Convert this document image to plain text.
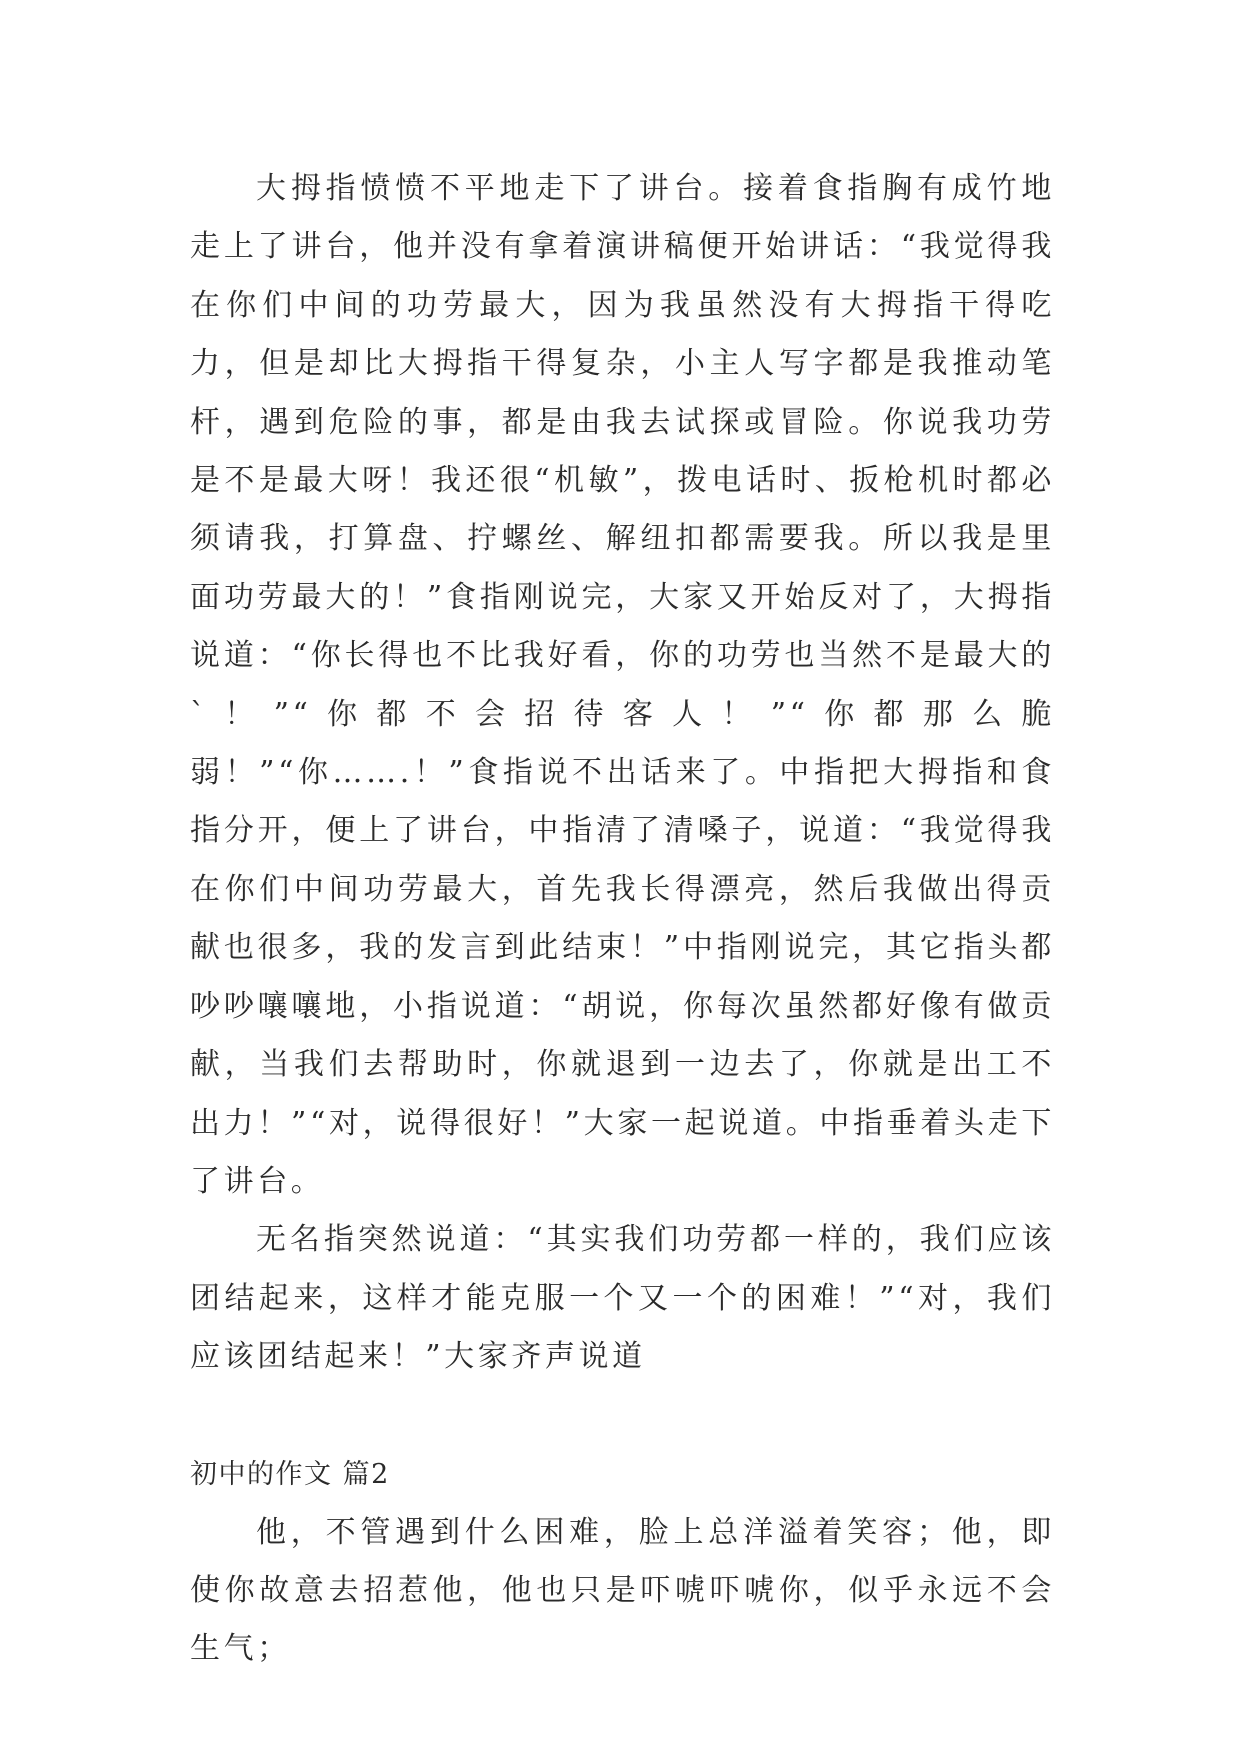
大拇指愤愤不平地走下了讲台。接着食指胸有成竹地走上了讲台，他并没有拿着演讲稿便开始讲话：“我觉得我在你们中间的功劳最大，因为我虽然没有大拇指干得吃力，但是却比大拇指干得复杂，小主人写字都是我推动笔杆，遇到危险的事，都是由我去试探或冒险。你说我功劳是不是最大呀！我还很“机敏”，拨电话时、扳枪机时都必须请我，打算盘、拧螺丝、解纽扣都需要我。所以我是里面功劳最大的！”食指刚说完，大家又开始反对了，大拇指说道：“你长得也不比我好看，你的功劳也当然不是最大的`！”“你都不会招待客人！”“你都那么脆弱！”“你…….！”食指说不出话来了。中指把大拇指和食指分开，便上了讲台，中指清了清嗓子，说道：“我觉得我在你们中间功劳最大，首先我长得漂亮，然后我做出得贡献也很多，我的发言到此结束！”中指刚说完，其它指头都吵吵嚷嚷地，小指说道：“胡说，你每次虽然都好像有做贡献，当我们去帮助时，你就退到一边去了，你就是出工不出力！”“对，说得很好！”大家一起说道。中指垂着头走下了讲台。

无名指突然说道：“其实我们功劳都一样的，我们应该团结起来，这样才能克服一个又一个的困难！”“对，我们应该团结起来！”大家齐声说道

初中的作文 篇2

他，不管遇到什么困难，脸上总洋溢着笑容；他，即使你故意去招惹他，他也只是吓唬吓唬你，似乎永远不会生气；
